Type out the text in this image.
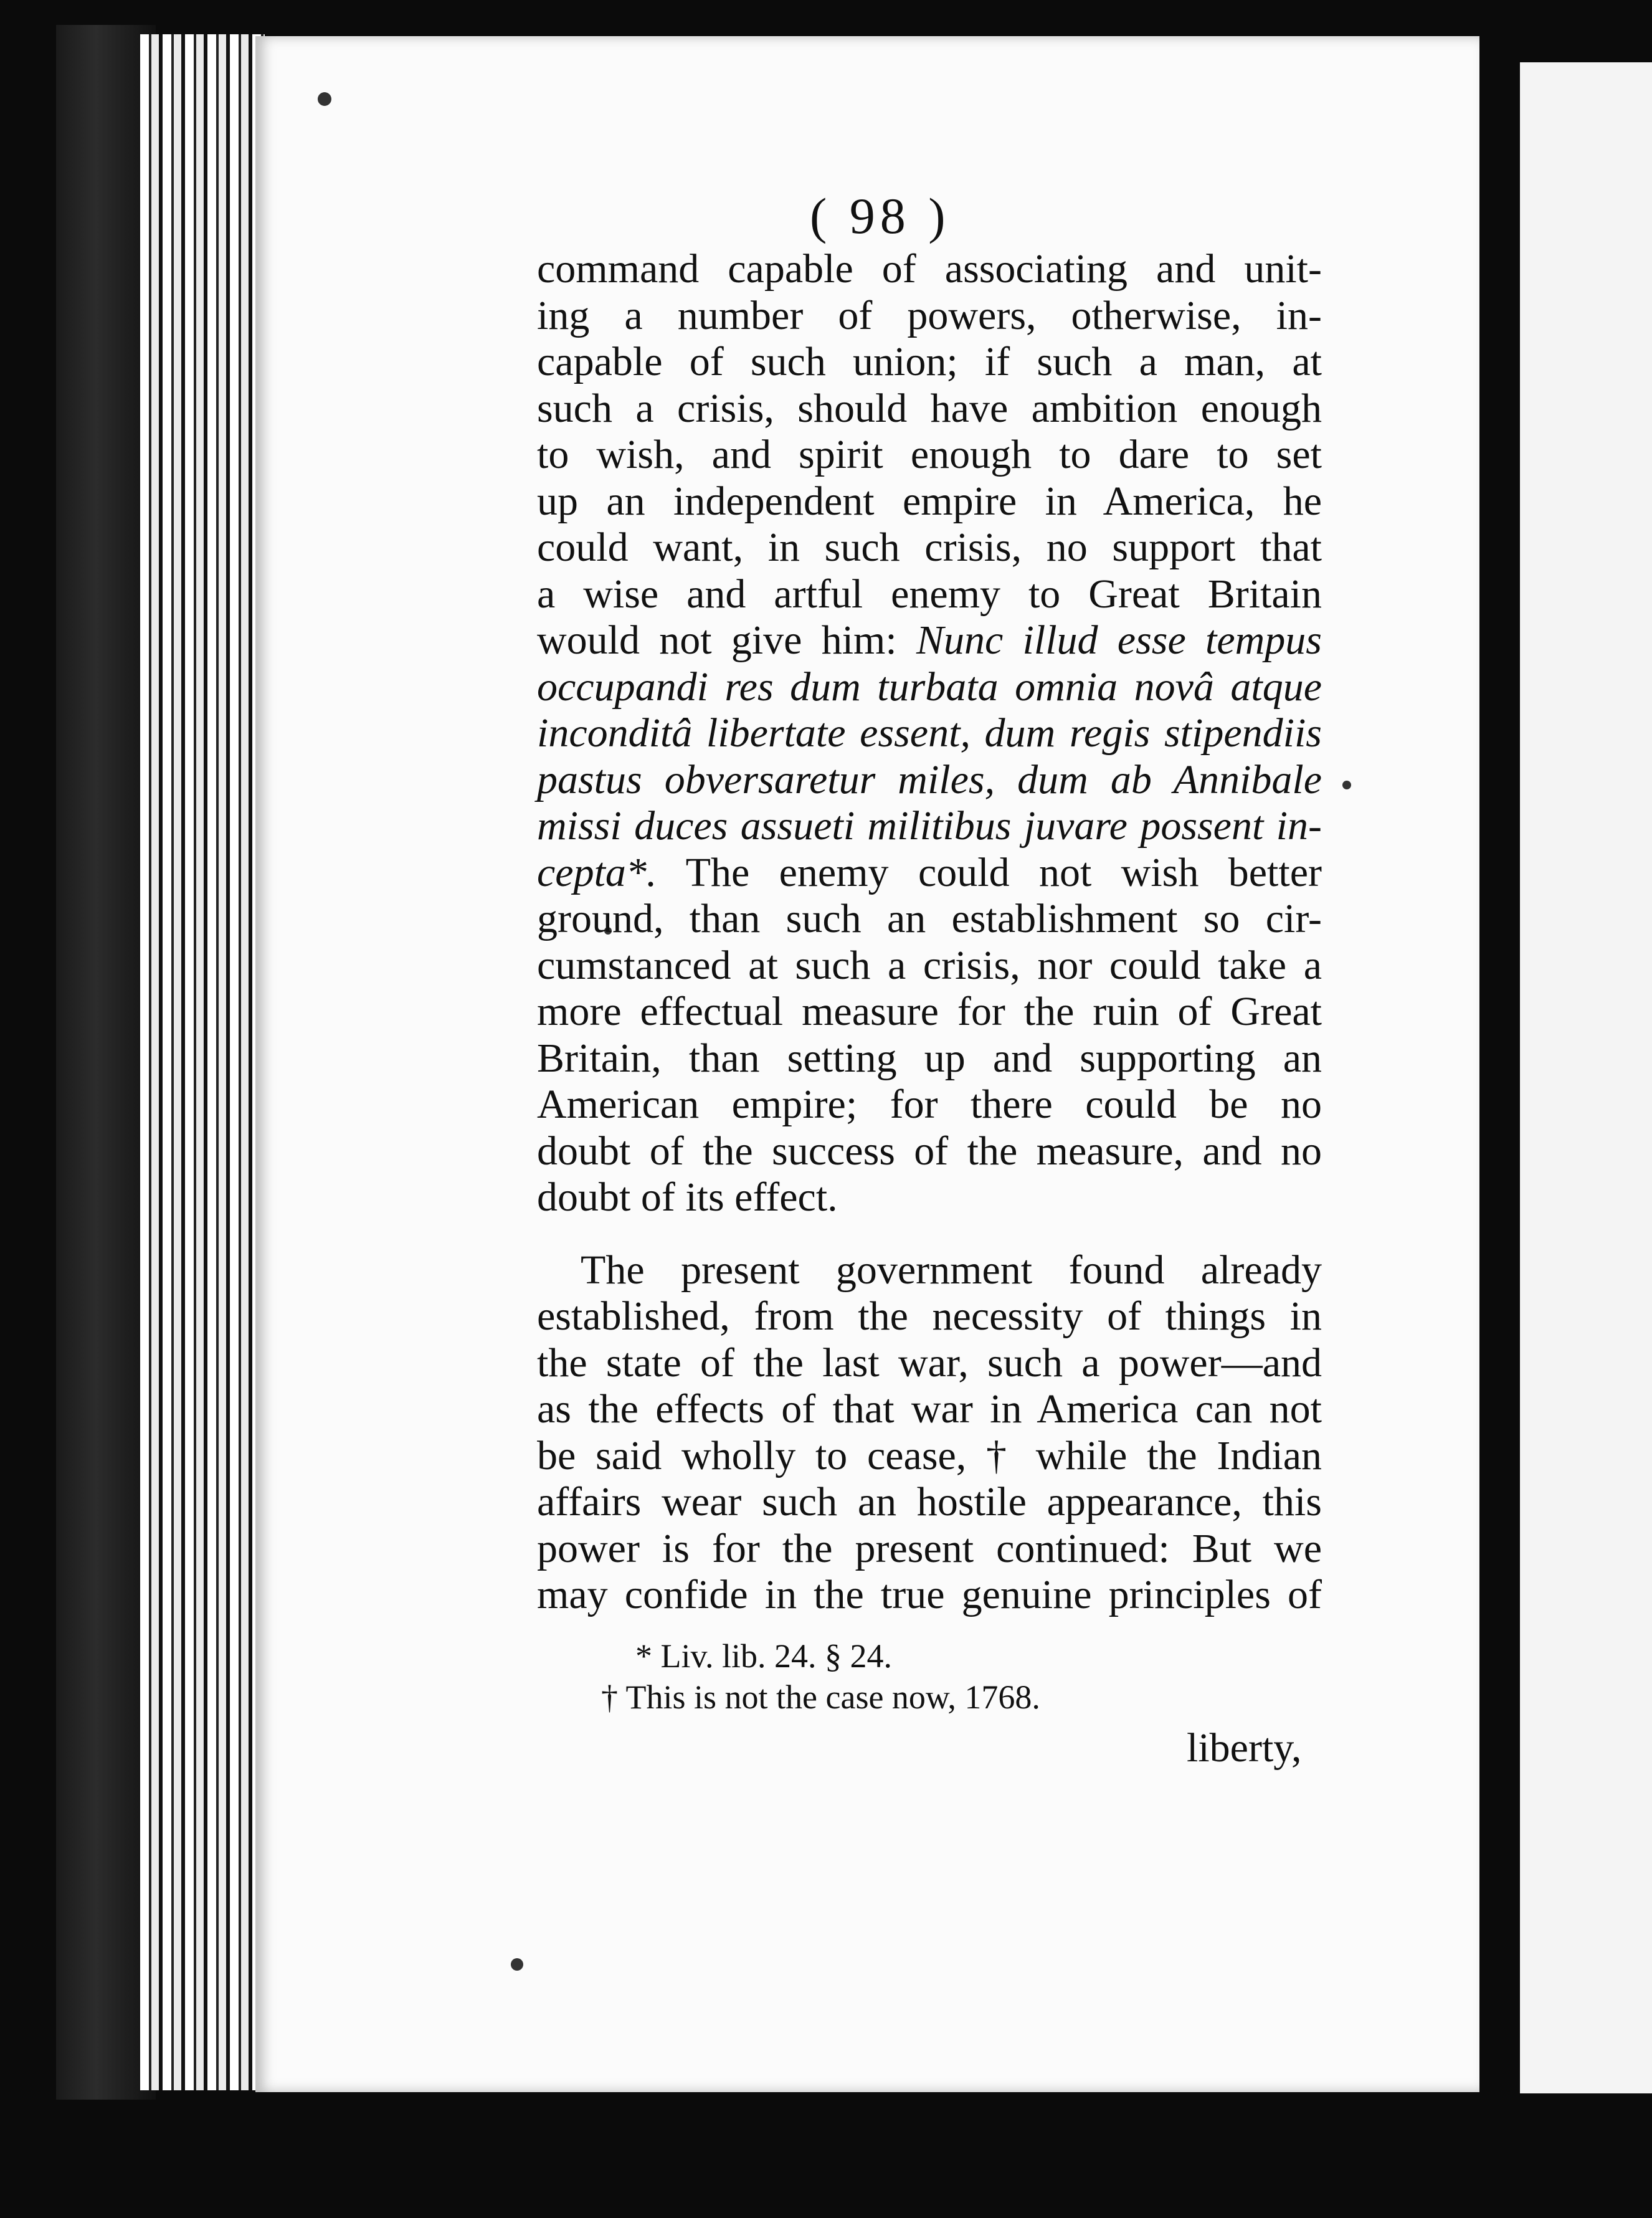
( 98 )
command capable of associating and unit-
ing a number of powers, otherwise, in-
capable of such union; if such a man, at
such a crisis, should have ambition enough
to wish, and spirit enough to dare to set
up an independent empire in America, he
could want, in such crisis, no support that
a wise and artful enemy to Great Britain
would not give him: Nunc illud esse tempus
occupandi res dum turbata omnia novâ atque
inconditâ libertate essent, dum regis stipendiis
pastus obversaretur miles, dum ab Annibale
missi duces assueti militibus juvare possent in-
cepta*. The enemy could not wish better
ground, than such an establishment so cir-
cumstanced at such a crisis, nor could take a
more effectual measure for the ruin of Great
Britain, than setting up and supporting an
American empire; for there could be no
doubt of the success of the measure, and no
doubt of its effect.
The present government found already
established, from the necessity of things in
the state of the last war, such a power—and
as the effects of that war in America can not
be said wholly to cease, † while the Indian
affairs wear such an hostile appearance, this
power is for the present continued: But we
may confide in the true genuine principles of
* Liv. lib. 24. § 24.
† This is not the case now, 1768.
liberty,
